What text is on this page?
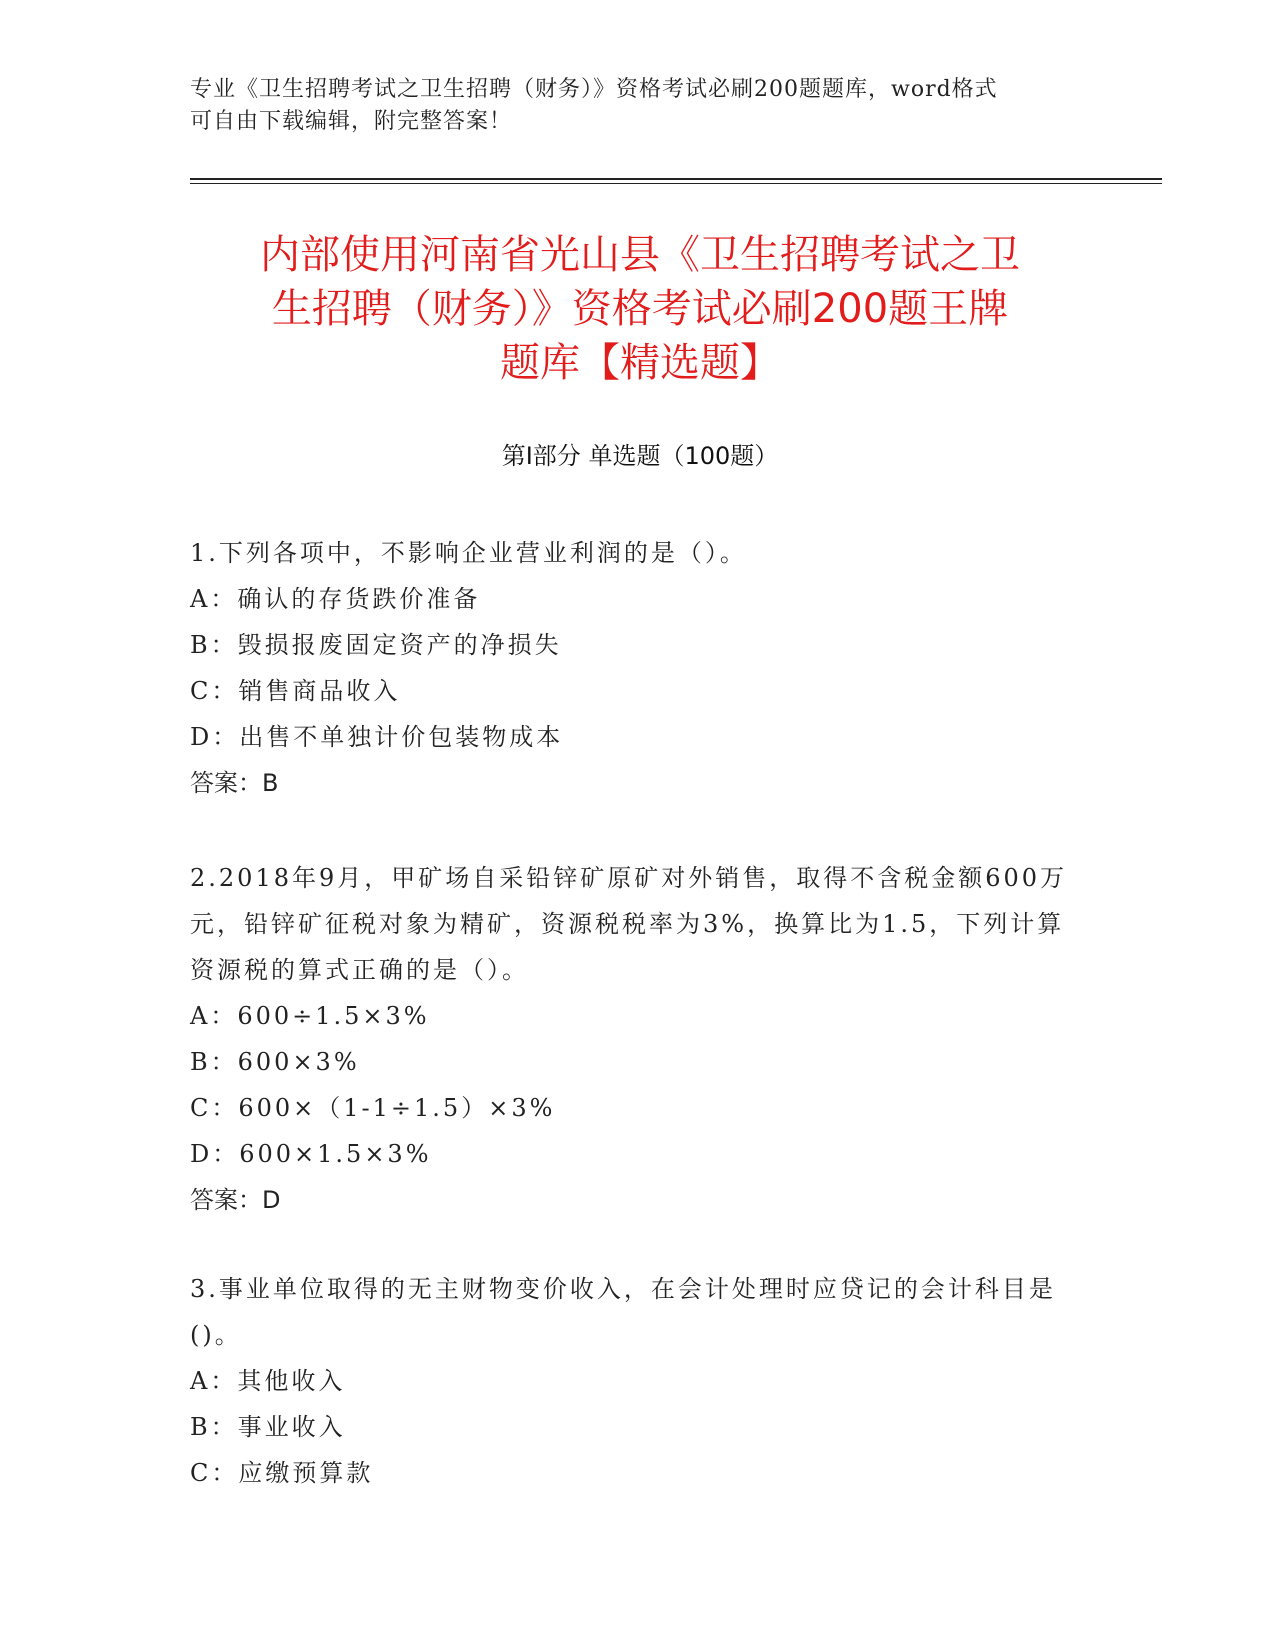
专业《卫生招聘考试之卫生招聘（财务）》资格考试必刷200题题库，word格式
可自由下载编辑，附完整答案！
内部使用河南省光山县《卫生招聘考试之卫
生招聘（财务）》资格考试必刷200题王牌
题库【精选题】
第Ⅰ部分 单选题（100题）
1.下列各项中，不影响企业营业利润的是（）。
A：确认的存货跌价准备
B：毁损报废固定资产的净损失
C：销售商品收入
D：出售不单独计价包装物成本
答案：B
2.2018年9月，甲矿场自采铅锌矿原矿对外销售，取得不含税金额600万元，铅锌矿征税对象为精矿，资源税税率为3%，换算比为1.5，下列计算资源税的算式正确的是（）。
A：600÷1.5×3%
B：600×3%
C：600×（1-1÷1.5）×3%
D：600×1.5×3%
答案：D
3.事业单位取得的无主财物变价收入，在会计处理时应贷记的会计科目是()。
A：其他收入
B：事业收入
C：应缴预算款
